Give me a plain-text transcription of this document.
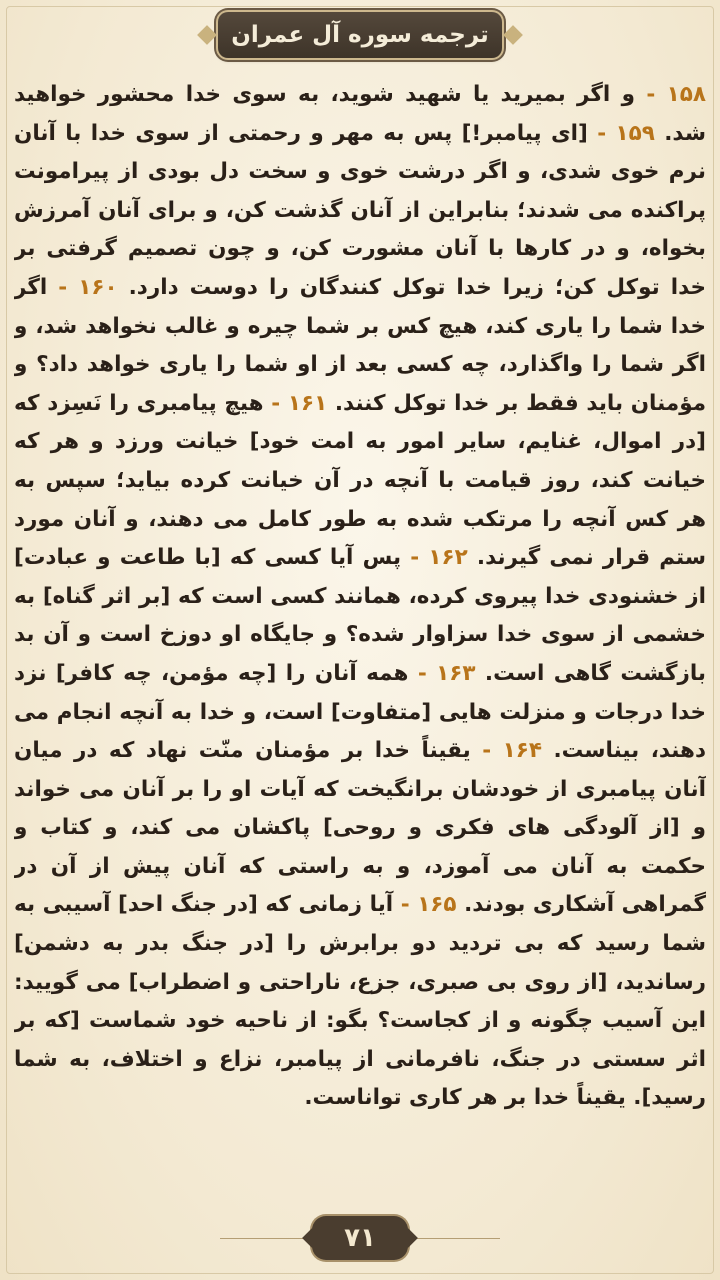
ترجمه سوره آل عمران
۱۵۸ - و اگر بمیرید یا شهید شوید، به سوی خدا محشور خواهید شد. ۱۵۹ - [ای پیامبر!] پس به مهر و رحمتی از سوی خدا با آنان نرم خوی شدی، و اگر درشت خوی و سخت دل بودی از پیرامونت پراکنده می شدند؛ بنابراین از آنان گذشت کن، و برای آنان آمرزش بخواه، و در کارها با آنان مشورت کن، و چون تصمیم گرفتی بر خدا توکل کن؛ زیرا خدا توکل کنندگان را دوست دارد. ۱۶۰ - اگر خدا شما را یاری کند، هیچ کس بر شما چیره و غالب نخواهد شد، و اگر شما را واگذارد، چه کسی بعد از او شما را یاری خواهد داد؟ و مؤمنان باید فقط بر خدا توکل کنند. ۱۶۱ - هیچ پیامبری را نَسِزد که [در اموال، غنایم، سایر امور به امت خود] خیانت ورزد و هر که خیانت کند، روز قیامت با آنچه در آن خیانت کرده بیاید؛ سپس به هر کس آنچه را مرتکب شده به طور کامل می دهند، و آنان مورد ستم قرار نمی گیرند. ۱۶۲ - پس آیا کسی که [با طاعت و عبادت] از خشنودی خدا پیروی کرده، همانند کسی است که [بر اثر گناه] به خشمی از سوی خدا سزاوار شده؟ و جایگاه او دوزخ است و آن بد بازگشت گاهی است. ۱۶۳ - همه آنان را [چه مؤمن، چه کافر] نزد خدا درجات و منزلت هایی [متفاوت] است، و خدا به آنچه انجام می دهند، بیناست. ۱۶۴ - یقیناً خدا بر مؤمنان منّت نهاد که در میان آنان پیامبری از خودشان برانگیخت که آیات او را بر آنان می خواند و [از آلودگی های فکری و روحی] پاکشان می کند، و کتاب و حکمت به آنان می آموزد، و به راستی که آنان پیش از آن در گمراهی آشکاری بودند. ۱۶۵ - آیا زمانی که [در جنگ احد] آسیبی به شما رسید که بی تردید دو برابرش را [در جنگ بدر به دشمن] رساندید، [از روی بی صبری، جزع، ناراحتی و اضطراب] می گویید: این آسیب چگونه و از کجاست؟ بگو: از ناحیه خود شماست [که بر اثر سستی در جنگ، نافرمانی از پیامبر، نزاع و اختلاف، به شما رسید]. یقیناً خدا بر هر کاری تواناست.
۷۱
